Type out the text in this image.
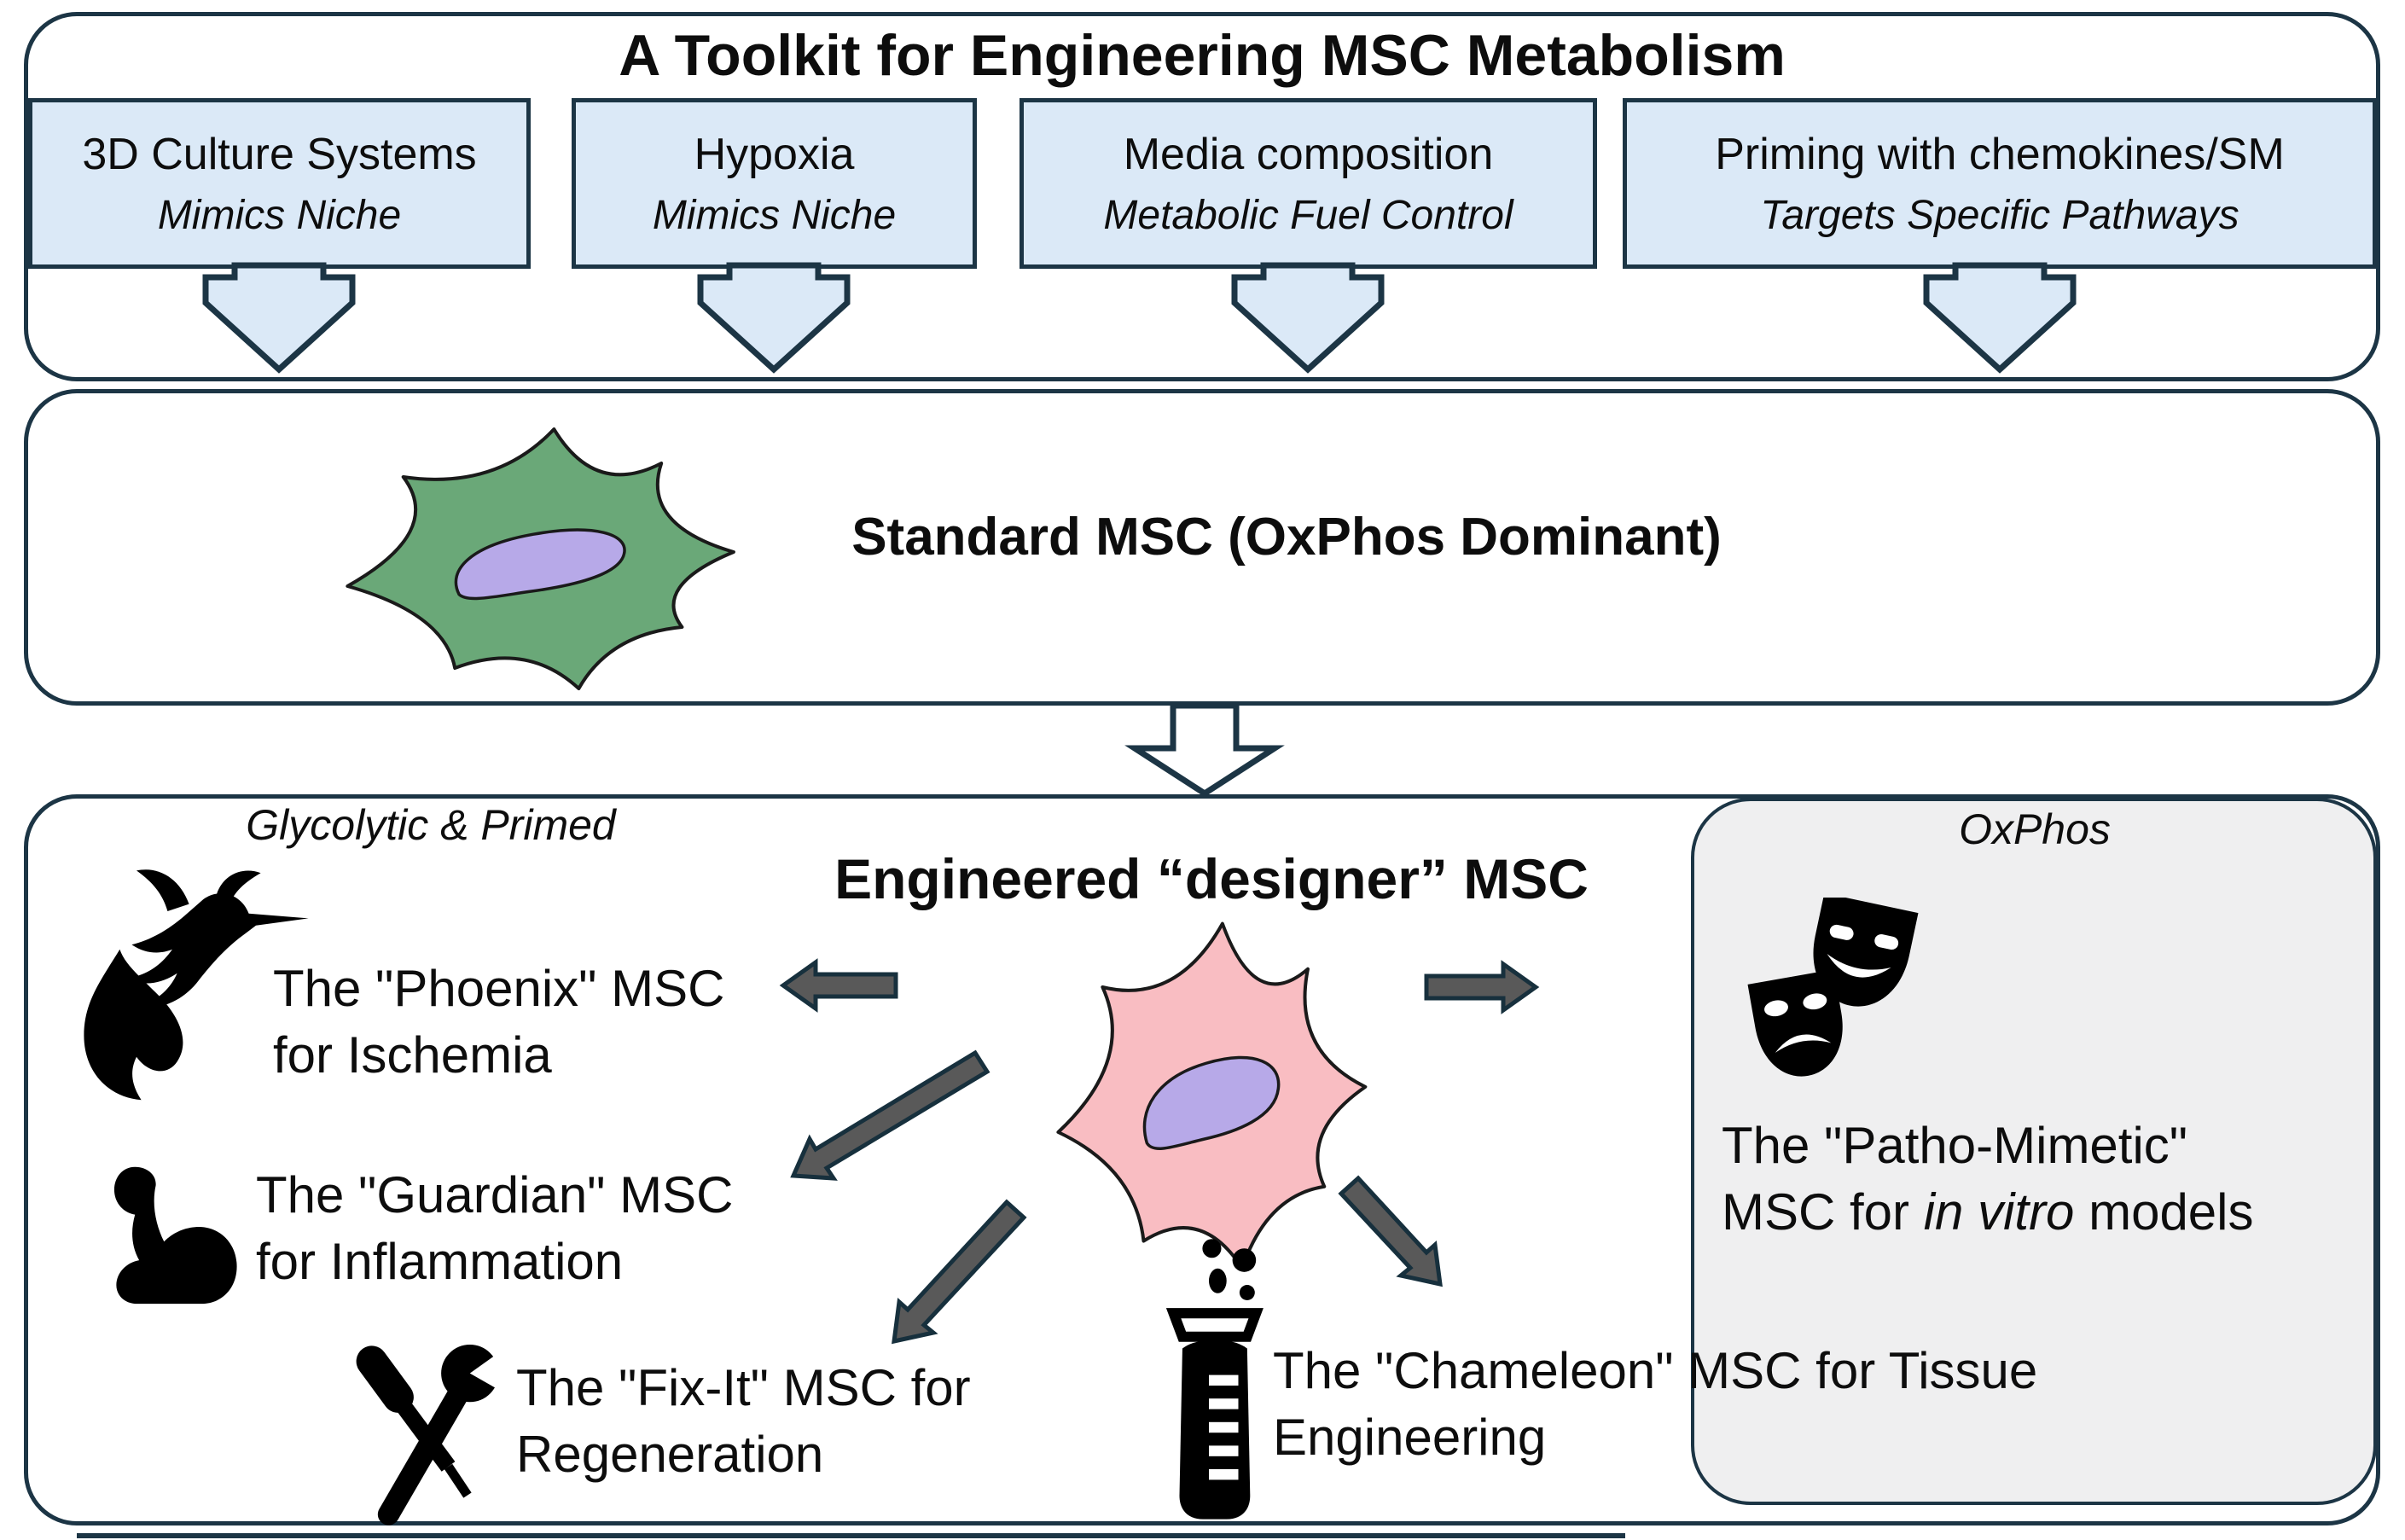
A Toolkit for Engineering MSC Metabolism
3D Culture Systems
Mimics Niche
Hypoxia
Mimics Niche
Media composition
Metabolic Fuel Control
Priming with chemokines/SM
Targets Specific Pathways
Standard MSC (OxPhos Dominant)
Glycolytic & Primed
Engineered “designer” MSC
OxPhos
The "Phoenix" MSC
for Ischemia
The "Guardian" MSC
for Inflammation
The "Fix-It" MSC for
Regeneration
The "Chameleon" MSC for Tissue
Engineering
The "Patho-Mimetic"
MSC for in vitro models
